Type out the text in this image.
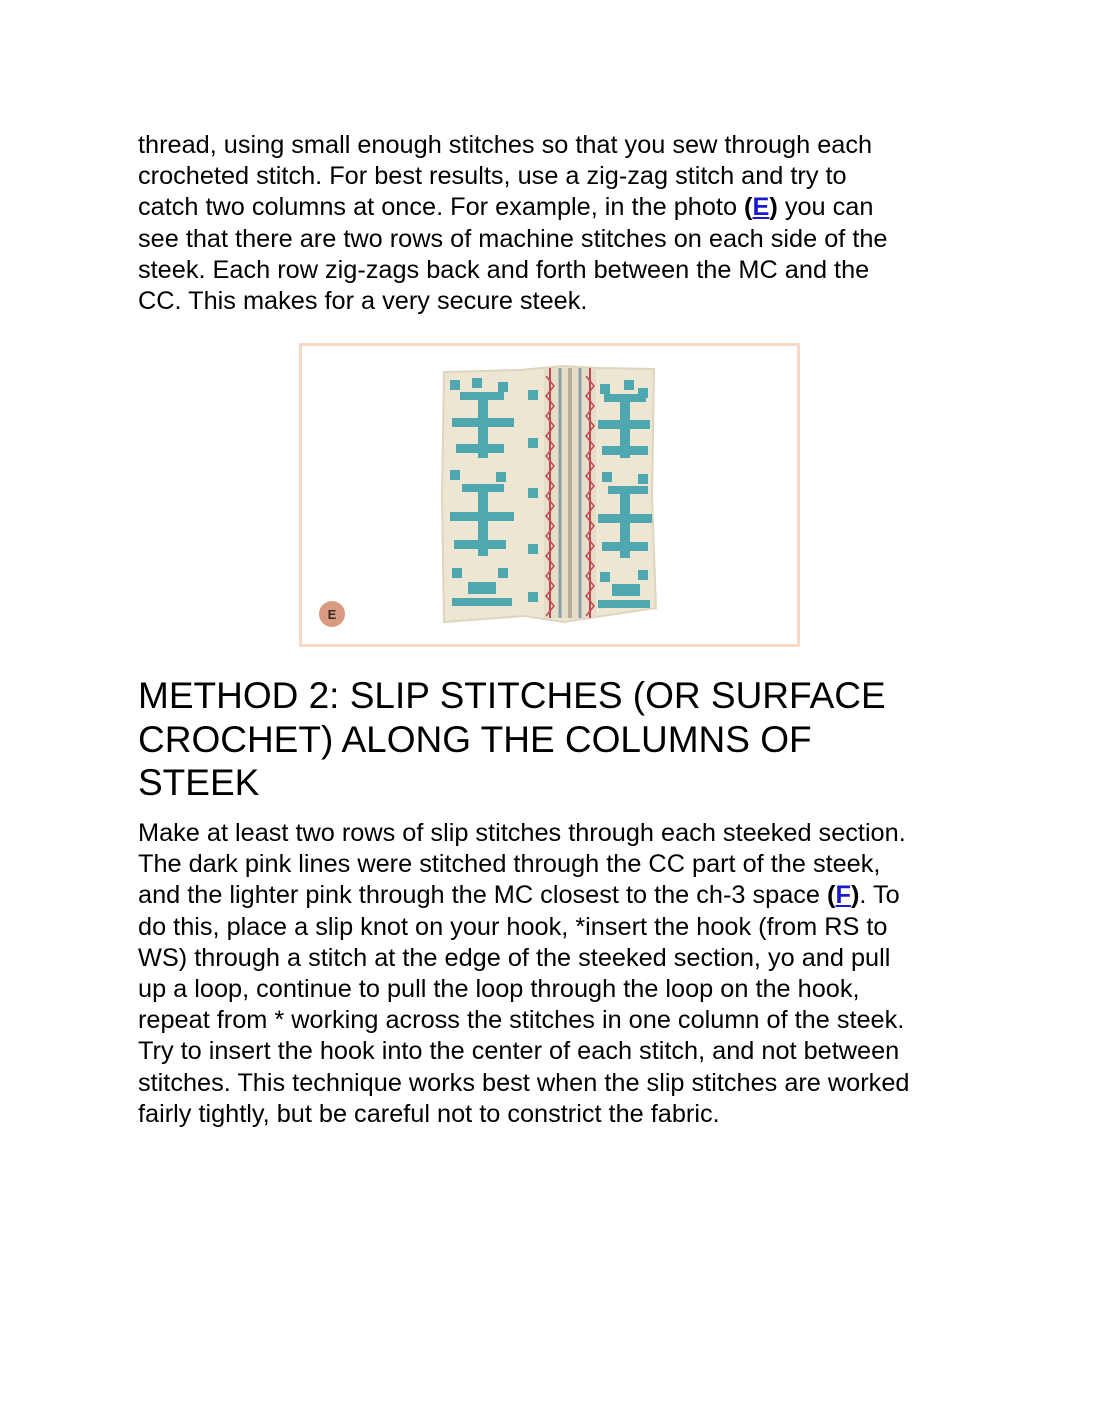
thread, using small enough stitches so that you sew through each
crocheted stitch. For best results, use a zig-zag stitch and try to
catch two columns at once. For example, in the photo (E) you can
see that there are two rows of machine stitches on each side of the
steek. Each row zig-zags back and forth between the MC and the
CC. This makes for a very secure steek.

E
METHOD 2: SLIP STITCHES (OR SURFACE
CROCHET) ALONG THE COLUMNS OF
STEEK

Make at least two rows of slip stitches through each steeked section.
The dark pink lines were stitched through the CC part of the steek,
and the lighter pink through the MC closest to the ch-3 space (F). To
do this, place a slip knot on your hook, *insert the hook (from RS to
WS) through a stitch at the edge of the steeked section, yo and pull
up a loop, continue to pull the loop through the loop on the hook,
repeat from * working across the stitches in one column of the steek.
Try to insert the hook into the center of each stitch, and not between
stitches. This technique works best when the slip stitches are worked
fairly tightly, but be careful not to constrict the fabric.
